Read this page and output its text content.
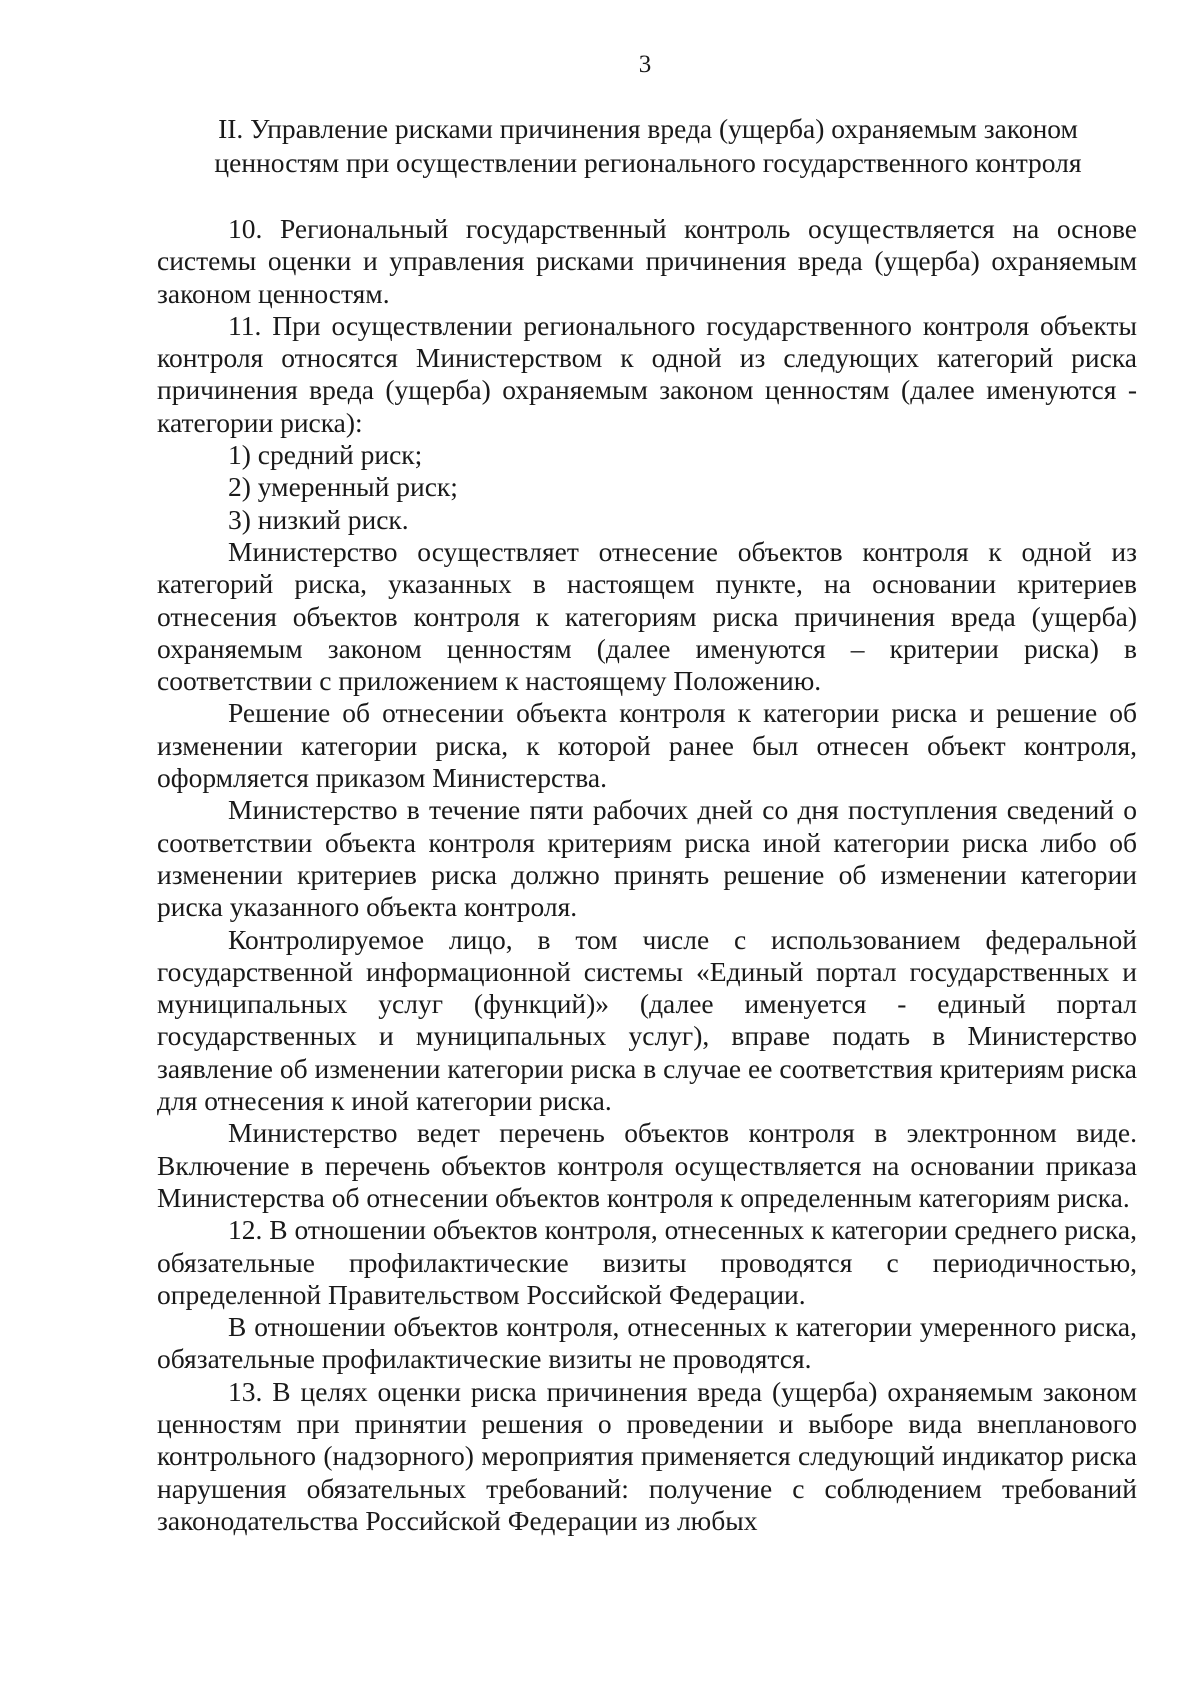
3
II. Управление рисками причинения вреда (ущерба) охраняемым законом
ценностям при осуществлении регионального государственного контроля

10. Региональный государственный контроль осуществляется на основе системы оценки и управления рисками причинения вреда (ущерба) охраняемым законом ценностям.

11. При осуществлении регионального государственного контроля объекты контроля относятся Министерством к одной из следующих категорий риска причинения вреда (ущерба) охраняемым законом ценностям (далее именуются - категории риска):

1) средний риск;

2) умеренный риск;

3) низкий риск.

Министерство осуществляет отнесение объектов контроля к одной из категорий риска, указанных в настоящем пункте, на основании критериев отнесения объектов контроля к категориям риска причинения вреда (ущерба) охраняемым законом ценностям (далее именуются – критерии риска) в соответствии с приложением к настоящему Положению.

Решение об отнесении объекта контроля к категории риска и решение об изменении категории риска, к которой ранее был отнесен объект контроля, оформляется приказом Министерства.

Министерство в течение пяти рабочих дней со дня поступления сведений о соответствии объекта контроля критериям риска иной категории риска либо об изменении критериев риска должно принять решение об изменении категории риска указанного объекта контроля.

Контролируемое лицо, в том числе с использованием федеральной государственной информационной системы «Единый портал государственных и муниципальных услуг (функций)» (далее именуется - единый портал государственных и муниципальных услуг), вправе подать в Министерство заявление об изменении категории риска в случае ее соответствия критериям риска для отнесения к иной категории риска.

Министерство ведет перечень объектов контроля в электронном виде. Включение в перечень объектов контроля осуществляется на основании приказа Министерства об отнесении объектов контроля к определенным категориям риска.

12. В отношении объектов контроля, отнесенных к категории среднего риска, обязательные профилактические визиты проводятся с периодичностью, определенной Правительством Российской Федерации.

В отношении объектов контроля, отнесенных к категории умеренного риска, обязательные профилактические визиты не проводятся.

13. В целях оценки риска причинения вреда (ущерба) охраняемым законом ценностям при принятии решения о проведении и выборе вида внепланового контрольного (надзорного) мероприятия применяется следующий индикатор риска нарушения обязательных требований: получение с соблюдением требований законодательства Российской Федерации из любых
